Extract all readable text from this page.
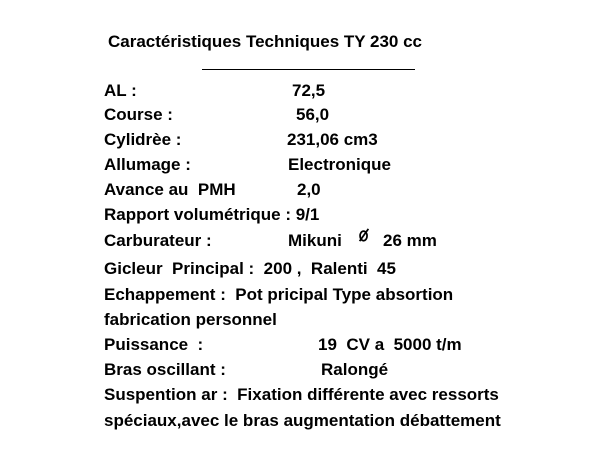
Caractéristiques Techniques TY 230 cc
AL :	72,5
Course :	56,0
Cylidrèe :	231,06 cm3
Allumage :	Electronique
Avance au  PMH	2,0
Rapport volumétrique : 9/1
Carburateur :	Mikuni 26 mm
Gicleur  Principal :  200 ,  Ralenti  45
Echappement :  Pot pricipal Type absortion
fabrication personnel
Puissance  :	19  CV a  5000 t/m
Bras oscillant :	Ralongé
Suspention ar :  Fixation différente avec ressorts
spéciaux,avec le bras augmentation débattement
